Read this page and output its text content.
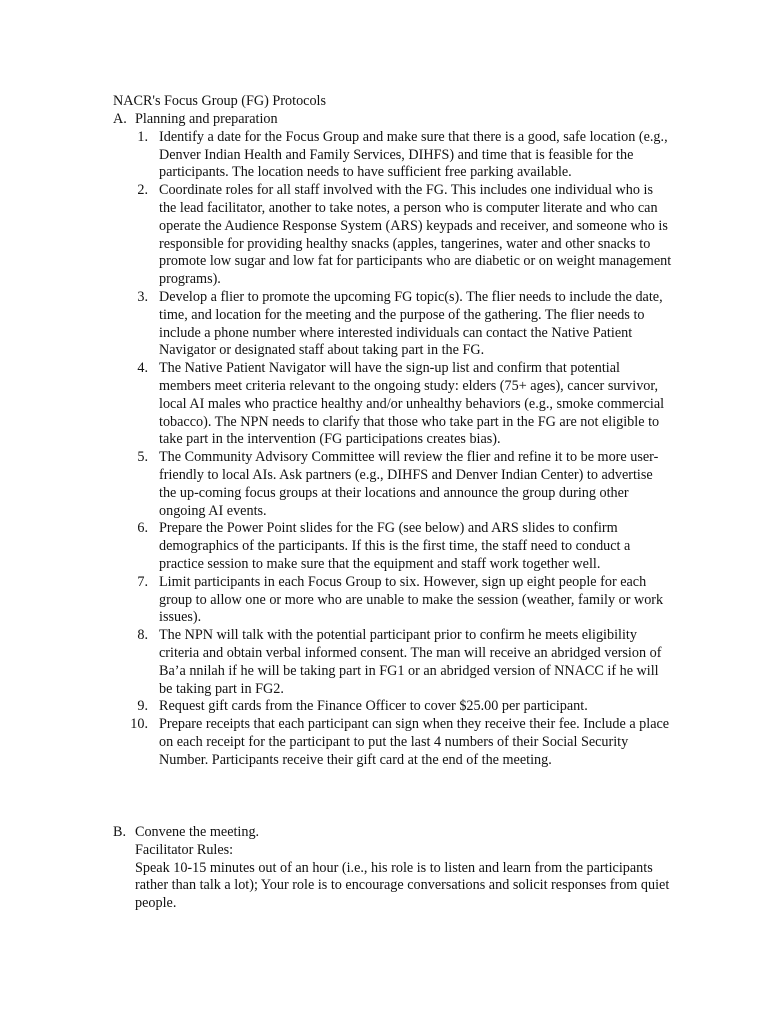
NACR's Focus Group (FG) Protocols
A. Planning and preparation
1. Identify a date for the Focus Group and make sure that there is a good, safe location (e.g., Denver Indian Health and Family Services, DIHFS) and time that is feasible for the participants. The location needs to have sufficient free parking available.
2. Coordinate roles for all staff involved with the FG. This includes one individual who is the lead facilitator, another to take notes, a person who is computer literate and who can operate the Audience Response System (ARS) keypads and receiver, and someone who is responsible for providing healthy snacks (apples, tangerines, water and other snacks to promote low sugar and low fat for participants who are diabetic or on weight management programs).
3. Develop a flier to promote the upcoming FG topic(s). The flier needs to include the date, time, and location for the meeting and the purpose of the gathering. The flier needs to include a phone number where interested individuals can contact the Native Patient Navigator or designated staff about taking part in the FG.
4. The Native Patient Navigator will have the sign-up list and confirm that potential members meet criteria relevant to the ongoing study: elders (75+ ages), cancer survivor, local AI males who practice healthy and/or unhealthy behaviors (e.g., smoke commercial tobacco). The NPN needs to clarify that those who take part in the FG are not eligible to take part in the intervention (FG participations creates bias).
5. The Community Advisory Committee will review the flier and refine it to be more user-friendly to local AIs. Ask partners (e.g., DIHFS and Denver Indian Center) to advertise the up-coming focus groups at their locations and announce the group during other ongoing AI events.
6. Prepare the Power Point slides for the FG (see below) and ARS slides to confirm demographics of the participants. If this is the first time, the staff need to conduct a practice session to make sure that the equipment and staff work together well.
7. Limit participants in each Focus Group to six. However, sign up eight people for each group to allow one or more who are unable to make the session (weather, family or work issues).
8. The NPN will talk with the potential participant prior to confirm he meets eligibility criteria and obtain verbal informed consent. The man will receive an abridged version of Ba’a nnilah if he will be taking part in FG1 or an abridged version of NNACC if he will be taking part in FG2.
9. Request gift cards from the Finance Officer to cover $25.00 per participant.
10. Prepare receipts that each participant can sign when they receive their fee. Include a place on each receipt for the participant to put the last 4 numbers of their Social Security Number. Participants receive their gift card at the end of the meeting.
B. Convene the meeting.
Facilitator Rules:
Speak 10-15 minutes out of an hour (i.e., his role is to listen and learn from the participants rather than talk a lot); Your role is to encourage conversations and solicit responses from quiet people.
